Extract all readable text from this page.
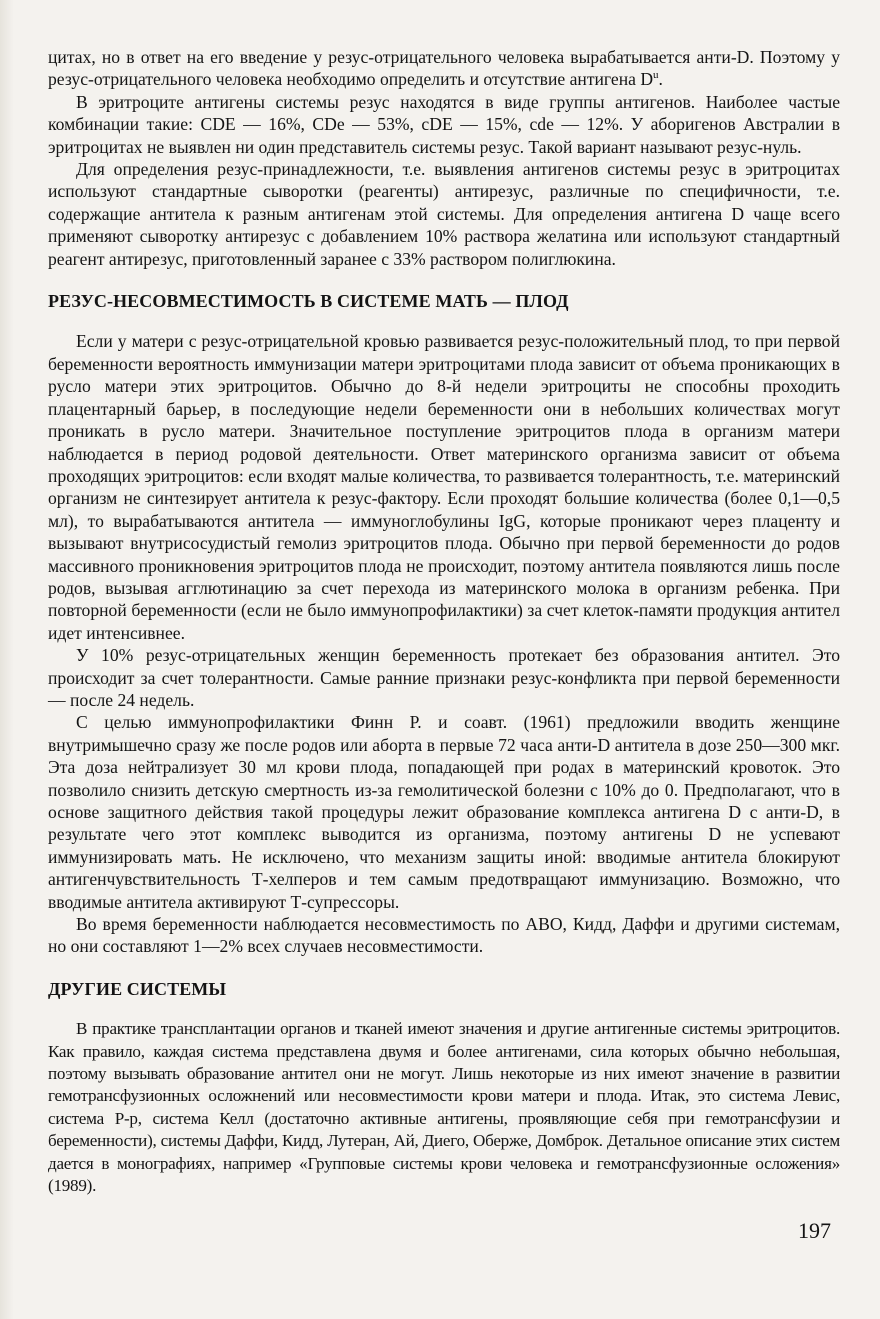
цитах, но в ответ на его введение у резус-отрицательного человека вырабатывается анти-D. Поэтому у резус-отрицательного человека необходимо определить и отсутствие антигена $D^u$.

В эритроците антигены системы резус находятся в виде группы антигенов. Наиболее частые комбинации такие: CDE — 16%, CDe — 53%, cDE — 15%, cde — 12%. У аборигенов Австралии в эритроцитах не выявлен ни один представитель системы резус. Такой вариант называют резус-нуль.

Для определения резус-принадлежности, т.е. выявления антигенов системы резус в эритроцитах используют стандартные сыворотки (реагенты) антирезус, различные по специфичности, т.е. содержащие антитела к разным антигенам этой системы. Для определения антигена D чаще всего применяют сыворотку антирезус с добавлением 10% раствора желатина или используют стандартный реагент антирезус, приготовленный заранее с 33% раствором полиглюкина.

РЕЗУС-НЕСОВМЕСТИМОСТЬ В СИСТЕМЕ МАТЬ — ПЛОД

Если у матери с резус-отрицательной кровью развивается резус-положительный плод, то при первой беременности вероятность иммунизации матери эритроцитами плода зависит от объема проникающих в русло матери этих эритроцитов. Обычно до 8-й недели эритроциты не способны проходить плацентарный барьер, в последующие недели беременности они в небольших количествах могут проникать в русло матери. Значительное поступление эритроцитов плода в организм матери наблюдается в период родовой деятельности. Ответ материнского организма зависит от объема проходящих эритроцитов: если входят малые количества, то развивается толерантность, т.е. материнский организм не синтезирует антитела к резус-фактору. Если проходят большие количества (более 0,1—0,5 мл), то вырабатываются антитела — иммуноглобулины IgG, которые проникают через плаценту и вызывают внутрисосудистый гемолиз эритроцитов плода. Обычно при первой беременности до родов массивного проникновения эритроцитов плода не происходит, поэтому антитела появляются лишь после родов, вызывая агглютинацию за счет перехода из материнского молока в организм ребенка. При повторной беременности (если не было иммунопрофилактики) за счет клеток-памяти продукция антител идет интенсивнее.

У 10% резус-отрицательных женщин беременность протекает без образования антител. Это происходит за счет толерантности. Самые ранние признаки резус-конфликта при первой беременности — после 24 недель.

С целью иммунопрофилактики Финн Р. и соавт. (1961) предложили вводить женщине внутримышечно сразу же после родов или аборта в первые 72 часа анти-D антитела в дозе 250—300 мкг. Эта доза нейтрализует 30 мл крови плода, попадающей при родах в материнский кровоток. Это позволило снизить детскую смертность из-за гемолитической болезни с 10% до 0. Предполагают, что в основе защитного действия такой процедуры лежит образование комплекса антигена D с анти-D, в результате чего этот комплекс выводится из организма, поэтому антигены D не успевают иммунизировать мать. Не исключено, что механизм защиты иной: вводимые антитела блокируют антигенчувствительность Т-хелперов и тем самым предотвращают иммунизацию. Возможно, что вводимые антитела активируют Т-супрессоры.

Во время беременности наблюдается несовместимость по АВО, Кидд, Даффи и другими системам, но они составляют 1—2% всех случаев несовместимости.

ДРУГИЕ СИСТЕМЫ

В практике трансплантации органов и тканей имеют значения и другие антигенные системы эритроцитов. Как правило, каждая система представлена двумя и более антигенами, сила которых обычно небольшая, поэтому вызывать образование антител они не могут. Лишь некоторые из них имеют значение в развитии гемотрансфузионных осложнений или несовместимости крови матери и плода. Итак, это система Левис, система Р-р, система Келл (достаточно активные антигены, проявляющие себя при гемотрансфузии и беременности), системы Даффи, Кидд, Лутеран, Ай, Диего, Оберже, Домброк. Детальное описание этих систем дается в монографиях, например «Групповые системы крови человека и гемотрансфузионные осложения» (1989).

197
